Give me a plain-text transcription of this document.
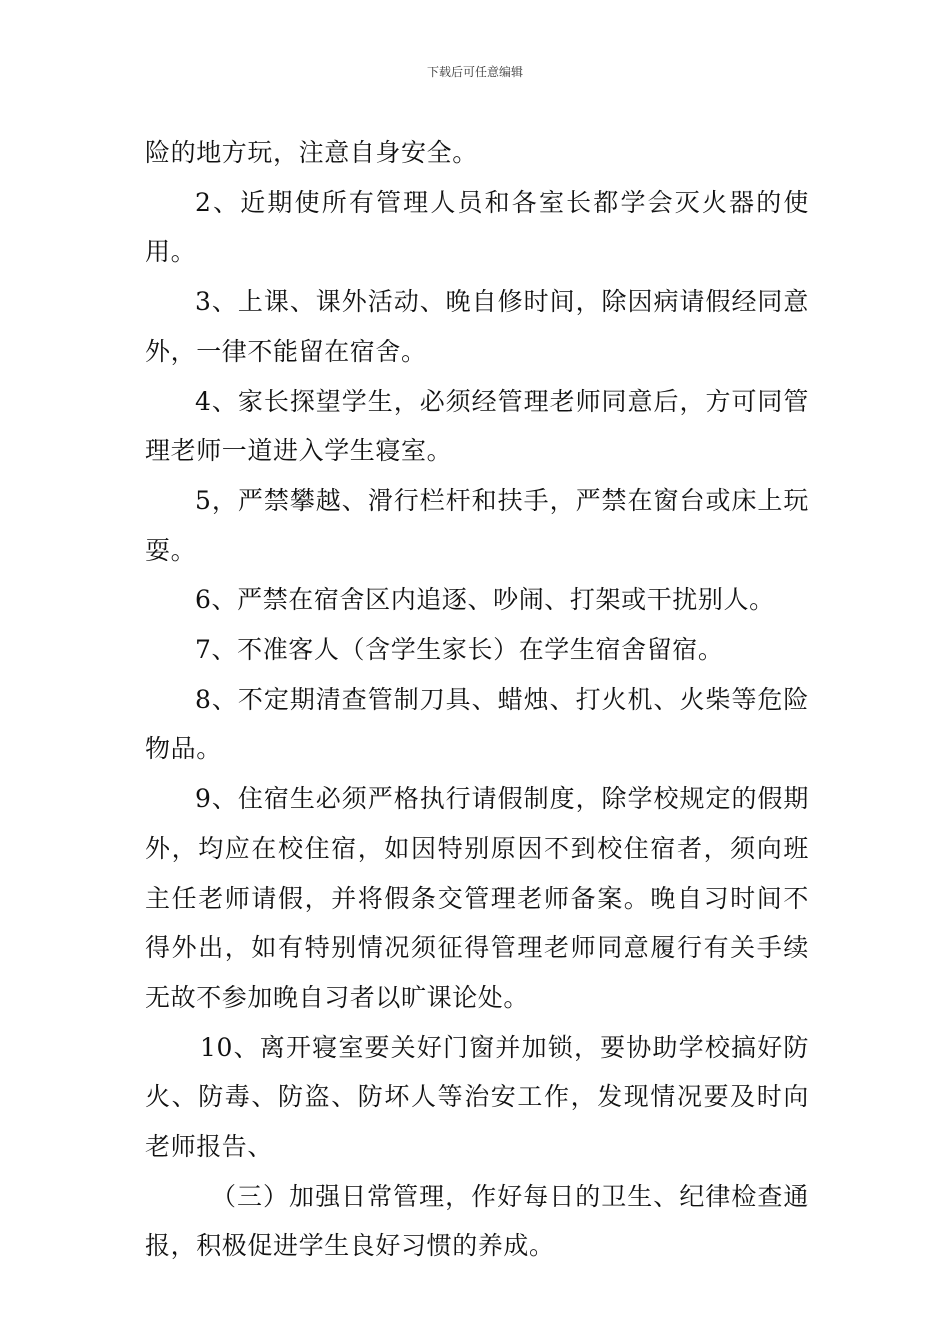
下载后可任意编辑

险的地方玩，注意自身安全。

2、近期使所有管理人员和各室长都学会灭火器的使用。

3、上课、课外活动、晚自修时间，除因病请假经同意外，一律不能留在宿舍。

4、家长探望学生，必须经管理老师同意后，方可同管理老师一道进入学生寝室。

5，严禁攀越、滑行栏杆和扶手，严禁在窗台或床上玩耍。

6、严禁在宿舍区内追逐、吵闹、打架或干扰别人。

7、不准客人（含学生家长）在学生宿舍留宿。

8、不定期清查管制刀具、蜡烛、打火机、火柴等危险物品。

9、住宿生必须严格执行请假制度，除学校规定的假期外，均应在校住宿，如因特别原因不到校住宿者，须向班主任老师请假，并将假条交管理老师备案。晚自习时间不得外出，如有特别情况须征得管理老师同意履行有关手续无故不参加晚自习者以旷课论处。

10、离开寝室要关好门窗并加锁，要协助学校搞好防火、防毒、防盗、防坏人等治安工作，发现情况要及时向老师报告、

（三）加强日常管理，作好每日的卫生、纪律检查通报，积极促进学生良好习惯的养成。
